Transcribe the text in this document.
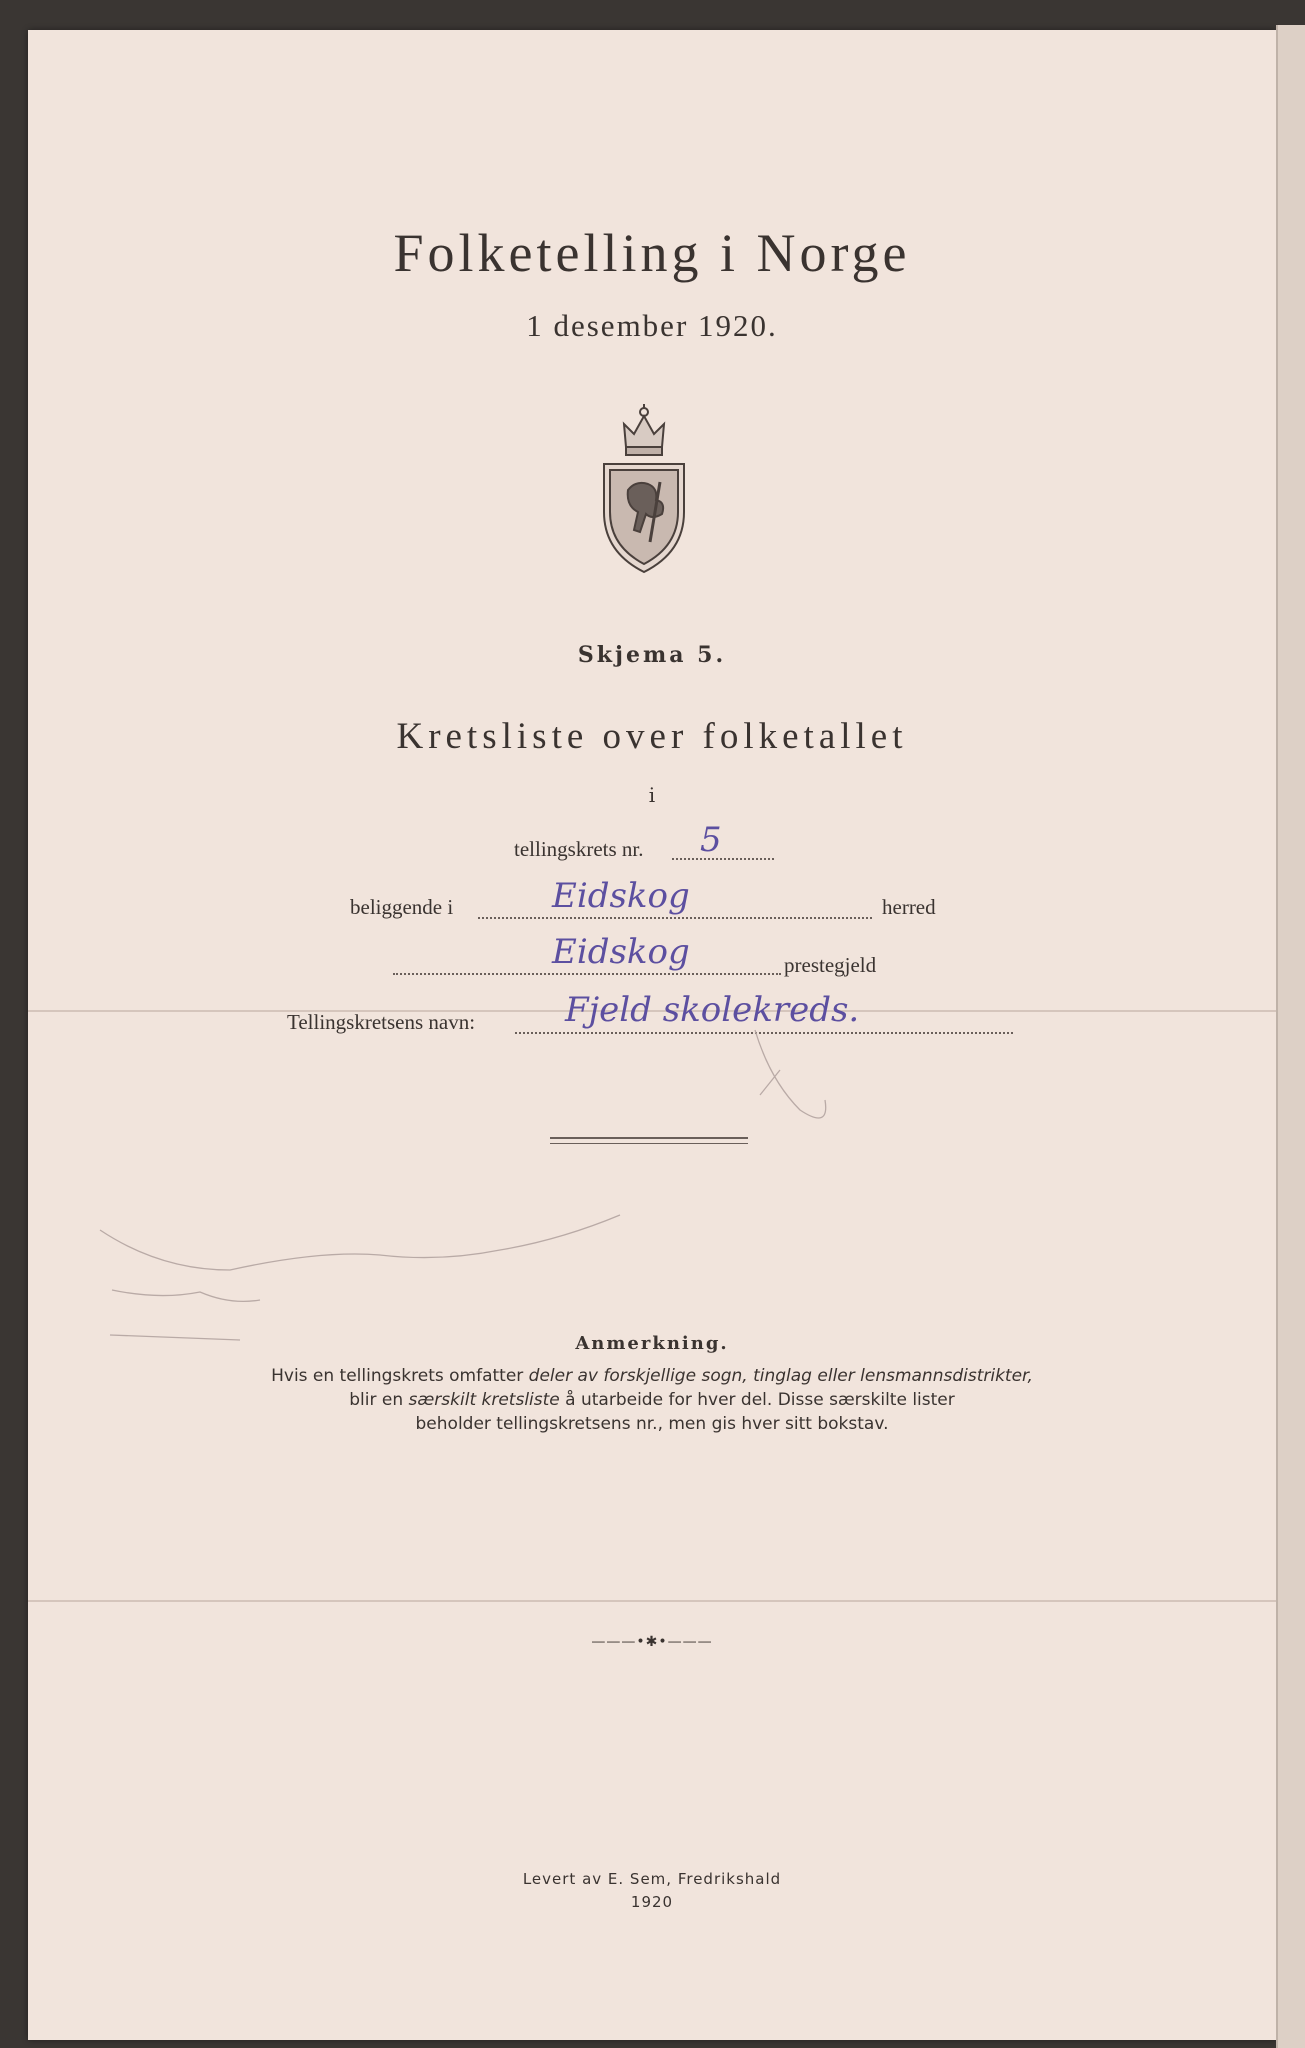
Folketelling i Norge
1 desember 1920.
Skjema 5.
Kretsliste over folketallet
i
tellingskrets nr. 5
beliggende i	Eidskog	herred
Eidskog	prestegjeld
Tellingskretsens navn:	Fjeld skolekreds.
Anmerkning.
Hvis en tellingskrets omfatter deler av forskjellige sogn, tinglag eller lensmannsdistrikter,
blir en særskilt kretsliste å utarbeide for hver del. Disse særskilte lister
beholder tellingskretsens nr., men gis hver sitt bokstav.
———•✱•———
Levert av E. Sem, Fredrikshald
1920
